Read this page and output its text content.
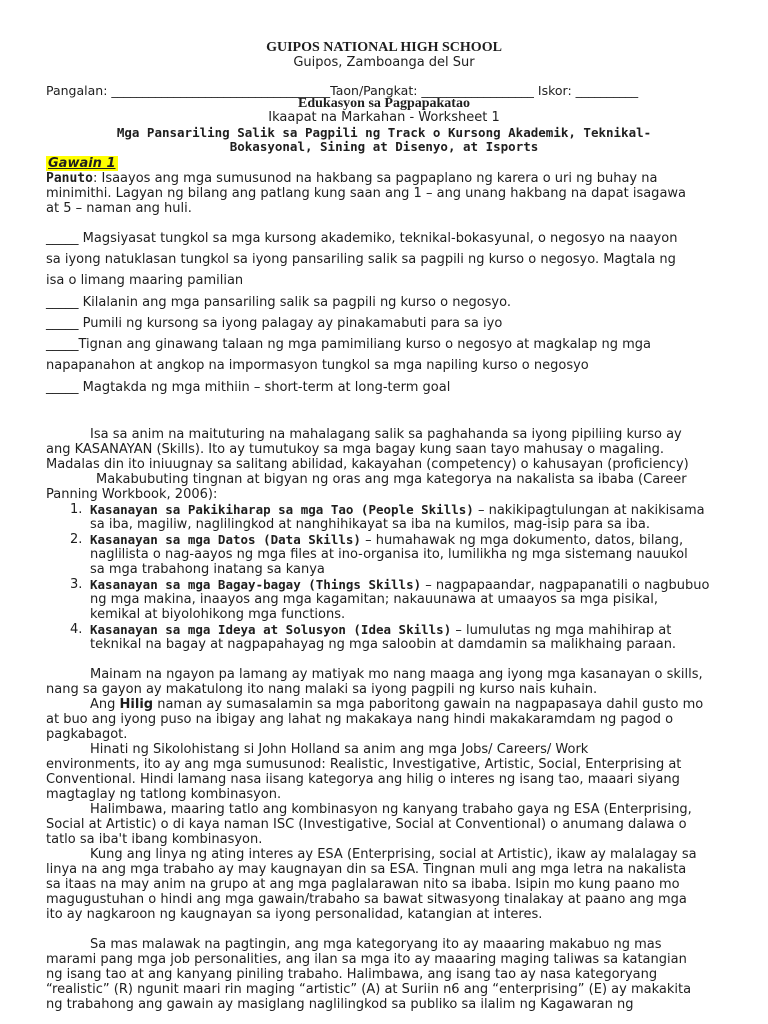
GUIPOS NATIONAL HIGH SCHOOL
Guipos, Zamboanga del Sur
Pangalan: ___________________________________Taon/Pangkat: __________________ Iskor: __________
Edukasyon sa Pagpapakatao
Ikaapat na Markahan - Worksheet 1
Mga Pansariling Salik sa Pagpili ng Track o Kursong Akademik, Teknikal-
Bokasyonal, Sining at Disenyo, at Isports
Gawain 1
Panuto: Isaayos ang mga sumusunod na hakbang sa pagpaplano ng karera o uri ng buhay na
minimithi. Lagyan ng bilang ang patlang kung saan ang 1 – ang unang hakbang na dapat isagawa
at 5 – naman ang huli.
_____ Magsiyasat tungkol sa mga kursong akademiko, teknikal-bokasyunal, o negosyo na naayon
sa iyong natuklasan tungkol sa iyong pansariling salik sa pagpili ng kurso o negosyo. Magtala ng
isa o limang maaring pamilian
_____ Kilalanin ang mga pansariling salik sa pagpili ng kurso o negosyo.
_____ Pumili ng kursong sa iyong palagay ay pinakamabuti para sa iyo
_____Tignan ang ginawang talaan ng mga pamimiliang kurso o negosyo at magkalap ng mga
napapanahon at angkop na impormasyon tungkol sa mga napiling kurso o negosyo
_____ Magtakda ng mga mithiin – short-term at long-term goal
Isa sa anim na maituturing na mahalagang salik sa paghahanda sa iyong pipiliing kurso ay
ang KASANAYAN (Skills). Ito ay tumutukoy sa mga bagay kung saan tayo mahusay o magaling.
Madalas din ito iniuugnay sa salitang abilidad, kakayahan (competency) o kahusayan (proficiency)
Makabubuting tingnan at bigyan ng oras ang mga kategorya na nakalista sa ibaba (Career
Panning Workbook, 2006):
1. Kasanayan sa Pakikiharap sa mga Tao (People Skills) – nakikipagtulungan at nakikisama
sa iba, magiliw, naglilingkod at nanghihikayat sa iba na kumilos, mag-isip para sa iba.
2. Kasanayan sa mga Datos (Data Skills) – humahawak ng mga dokumento, datos, bilang,
naglilista o nag-aayos ng mga files at ino-organisa ito, lumilikha ng mga sistemang nauukol
sa mga trabahong inatang sa kanya
3. Kasanayan sa mga Bagay-bagay (Things Skills) – nagpapaandar, nagpapanatili o nagbubuo
ng mga makina, inaayos ang mga kagamitan; nakauunawa at umaayos sa mga pisikal,
kemikal at biyolohikong mga functions.
4. Kasanayan sa mga Ideya at Solusyon (Idea Skills) – lumulutas ng mga mahihirap at
teknikal na bagay at nagpapahayag ng mga saloobin at damdamin sa malikhaing paraan.
Mainam na ngayon pa lamang ay matiyak mo nang maaga ang iyong mga kasanayan o skills,
nang sa gayon ay makatulong ito nang malaki sa iyong pagpili ng kurso nais kuhain.
Ang Hilig naman ay sumasalamin sa mga paboritong gawain na nagpapasaya dahil gusto mo
at buo ang iyong puso na ibigay ang lahat ng makakaya nang hindi makakaramdam ng pagod o
pagkabagot.
Hinati ng Sikolohistang si John Holland sa anim ang mga Jobs/ Careers/ Work
environments, ito ay ang mga sumusunod: Realistic, Investigative, Artistic, Social, Enterprising at
Conventional. Hindi lamang nasa iisang kategorya ang hilig o interes ng isang tao, maaari siyang
magtaglay ng tatlong kombinasyon.
Halimbawa, maaring tatlo ang kombinasyon ng kanyang trabaho gaya ng ESA (Enterprising,
Social at Artistic) o di kaya naman ISC (Investigative, Social at Conventional) o anumang dalawa o
tatlo sa iba't ibang kombinasyon.
Kung ang linya ng ating interes ay ESA (Enterprising, social at Artistic), ikaw ay malalagay sa
linya na ang mga trabaho ay may kaugnayan din sa ESA. Tingnan muli ang mga letra na nakalista
sa itaas na may anim na grupo at ang mga paglalarawan nito sa ibaba. Isipin mo kung paano mo
magugustuhan o hindi ang mga gawain/trabaho sa bawat sitwasyong tinalakay at paano ang mga
ito ay nagkaroon ng kaugnayan sa iyong personalidad, katangian at interes.
Sa mas malawak na pagtingin, ang mga kategoryang ito ay maaaring makabuo ng mas
marami pang mga job personalities, ang ilan sa mga ito ay maaaring maging taliwas sa katangian
ng isang tao at ang kanyang piniling trabaho. Halimbawa, ang isang tao ay nasa kategoryang
“realistic” (R) ngunit maari rin maging “artistic” (A) at Suriin n6 ang “enterprising” (E) ay makakita
ng trabahong ang gawain ay masiglang naglilingkod sa publiko sa ilalim ng Kagawaran ng
